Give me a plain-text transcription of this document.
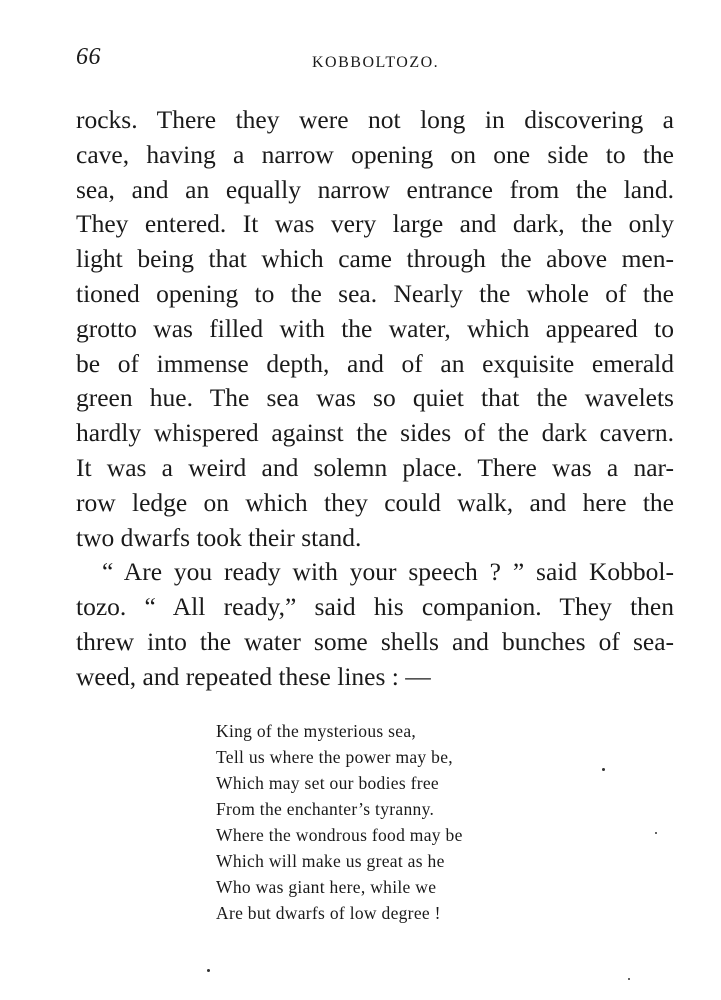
66	KOBBOLTOZO.
rocks. There they were not long in discovering a
cave, having a narrow opening on one side to the
sea, and an equally narrow entrance from the land.
They entered. It was very large and dark, the only
light being that which came through the above men-
tioned opening to the sea. Nearly the whole of the
grotto was filled with the water, which appeared to
be of immense depth, and of an exquisite emerald
green hue. The sea was so quiet that the wavelets
hardly whispered against the sides of the dark cavern.
It was a weird and solemn place. There was a nar-
row ledge on which they could walk, and here the
two dwarfs took their stand.
“ Are you ready with your speech ? ” said Kobbol-
tozo. “ All ready,” said his companion. They then
threw into the water some shells and bunches of sea-
weed, and repeated these lines : —
King of the mysterious sea,
Tell us where the power may be,
Which may set our bodies free
From the enchanter’s tyranny.
Where the wondrous food may be
Which will make us great as he
Who was giant here, while we
Are but dwarfs of low degree !
